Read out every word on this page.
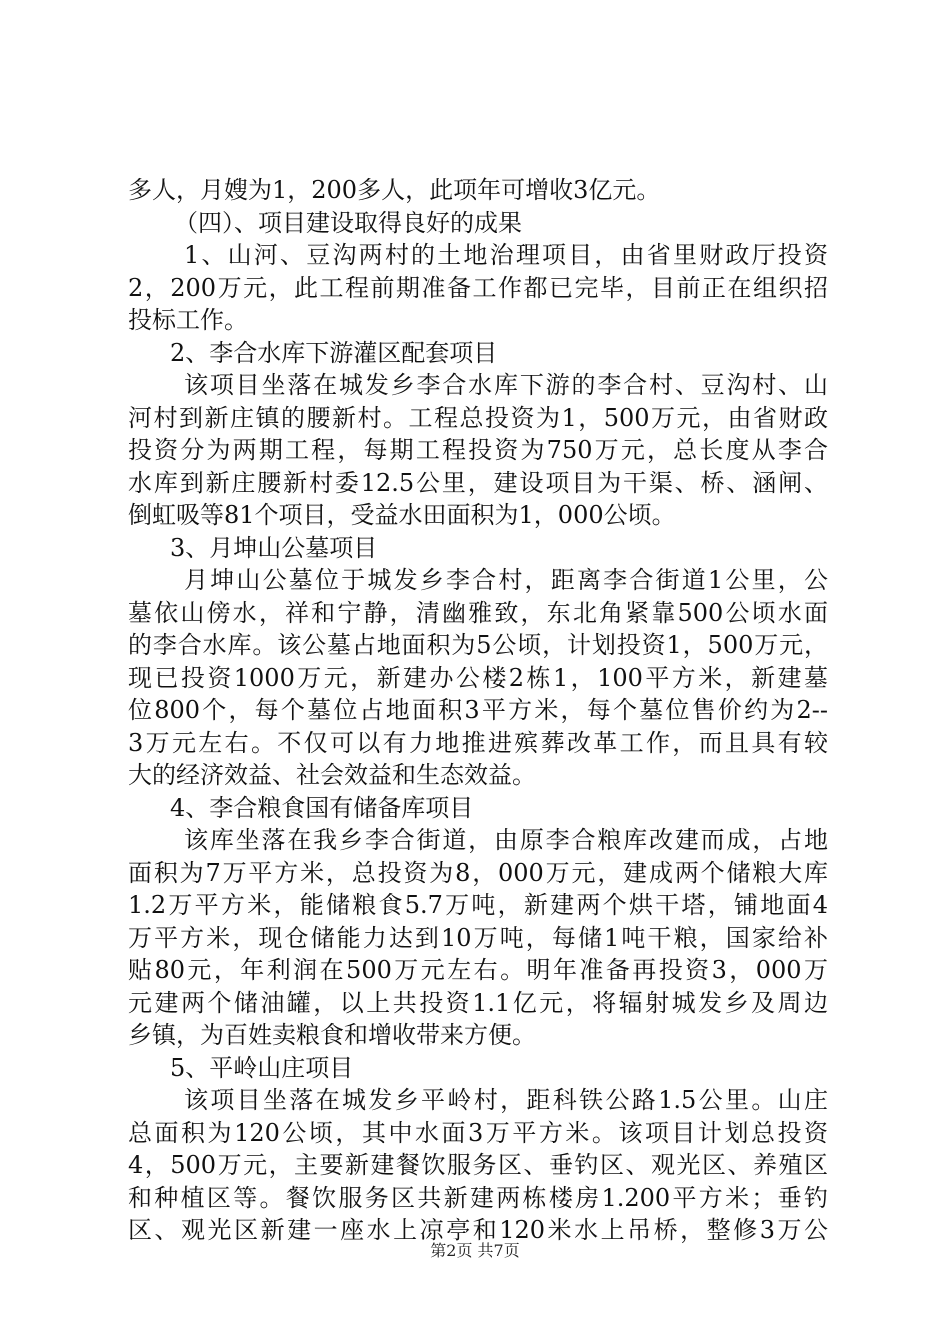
多人，月嫂为1，200多人，此项年可增收3亿元。
（四）、项目建设取得良好的成果
1、山河、豆沟两村的土地治理项目，由省里财政厅投资
2，200万元，此工程前期准备工作都已完毕，目前正在组织招
投标工作。
2、李合水库下游灌区配套项目
该项目坐落在城发乡李合水库下游的李合村、豆沟村、山
河村到新庄镇的腰新村。工程总投资为1，500万元，由省财政
投资分为两期工程，每期工程投资为750万元，总长度从李合
水库到新庄腰新村委12.5公里，建设项目为干渠、桥、涵闸、
倒虹吸等81个项目，受益水田面积为1，000公顷。
3、月坤山公墓项目
月坤山公墓位于城发乡李合村，距离李合街道1公里，公
墓依山傍水，祥和宁静，清幽雅致，东北角紧靠500公顷水面
的李合水库。该公墓占地面积为5公顷，计划投资1，500万元，
现已投资1000万元，新建办公楼2栋1，100平方米，新建墓
位800个，每个墓位占地面积3平方米，每个墓位售价约为2--
3万元左右。不仅可以有力地推进殡葬改革工作，而且具有较
大的经济效益、社会效益和生态效益。
4、李合粮食国有储备库项目
该库坐落在我乡李合街道，由原李合粮库改建而成，占地
面积为7万平方米，总投资为8，000万元，建成两个储粮大库
1.2万平方米，能储粮食5.7万吨，新建两个烘干塔，铺地面4
万平方米，现仓储能力达到10万吨，每储1吨干粮，国家给补
贴80元，年利润在500万元左右。明年准备再投资3，000万
元建两个储油罐，以上共投资1.1亿元，将辐射城发乡及周边
乡镇，为百姓卖粮食和增收带来方便。
5、平岭山庄项目
该项目坐落在城发乡平岭村，距科铁公路1.5公里。山庄
总面积为120公顷，其中水面3万平方米。该项目计划总投资
4，500万元，主要新建餐饮服务区、垂钓区、观光区、养殖区
和种植区等。餐饮服务区共新建两栋楼房1.200平方米；垂钓
区、观光区新建一座水上凉亭和120米水上吊桥，整修3万公
第2页 共7页
